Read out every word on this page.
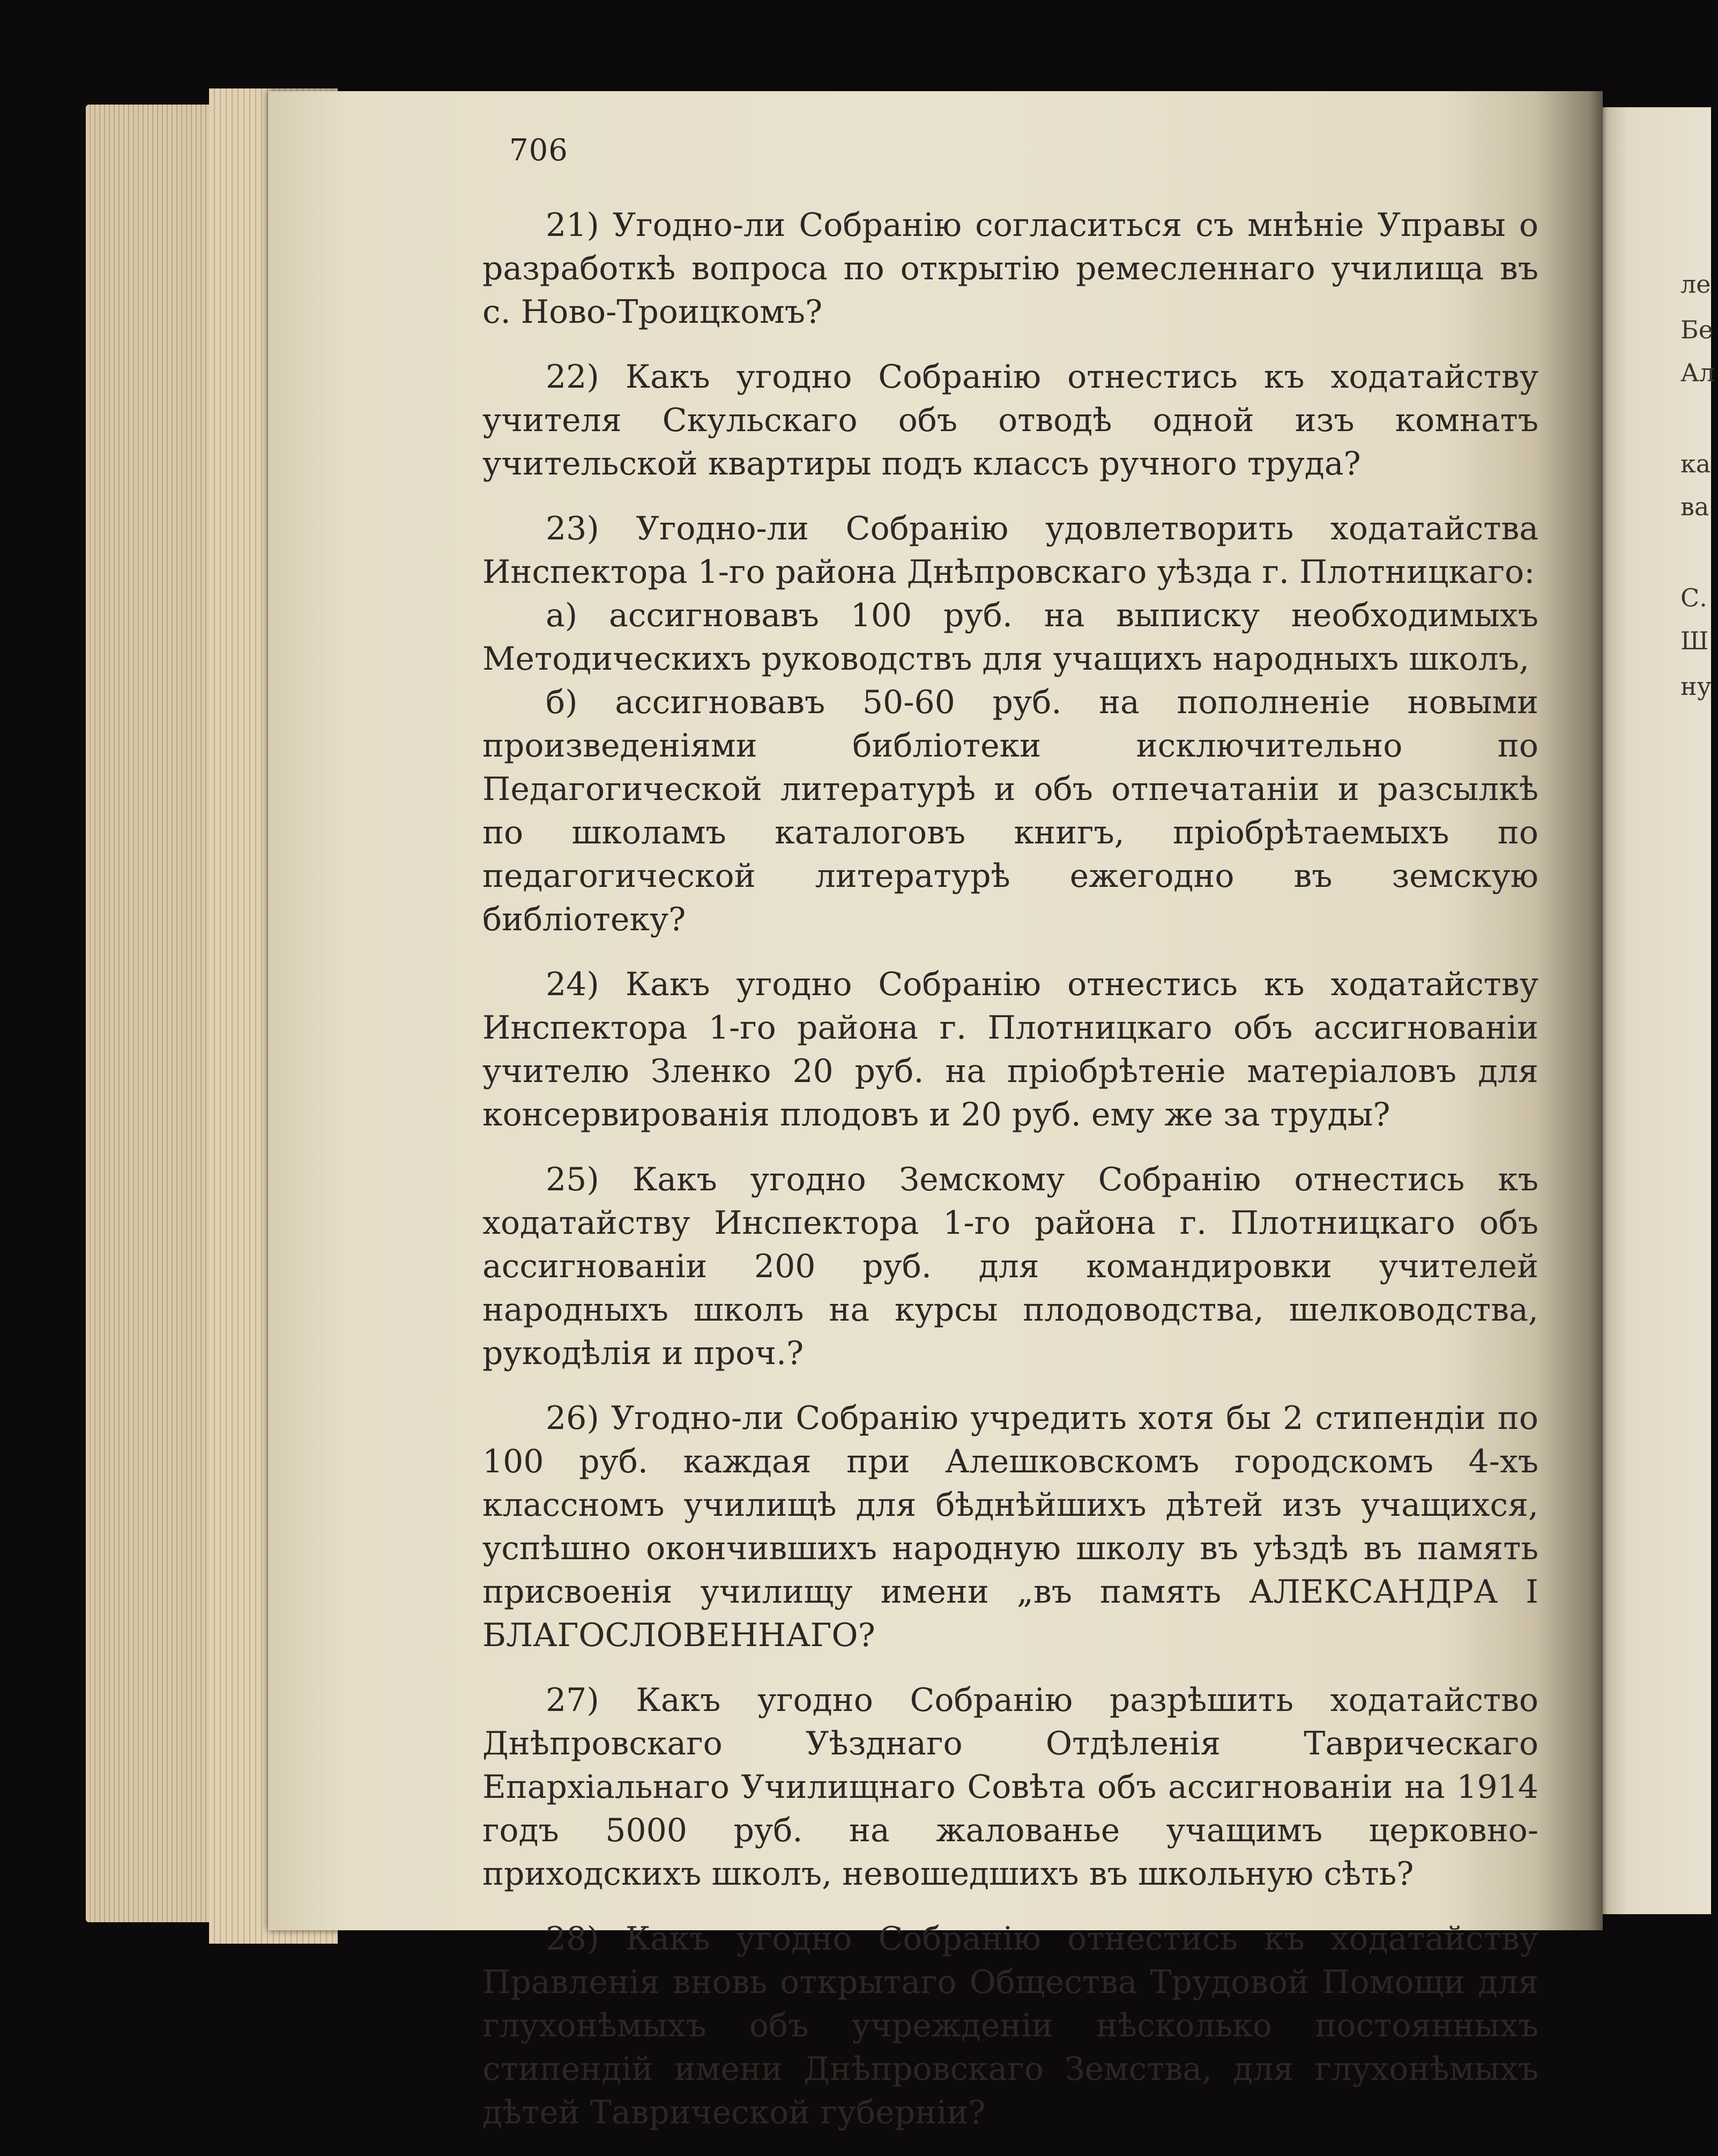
ле
Бе
Ал
ка
ва
С.
Ш
ну
706
21) Угодно-ли Собранію согласиться съ мнѣніе Управы о разработкѣ вопроса по открытію ремесленнаго училища въ с. Ново-Троицкомъ?
22) Какъ угодно Собранію отнестись къ ходатайству учителя Скульскаго объ отводѣ одной изъ комнатъ учительской квартиры подъ классъ ручного труда?

23) Угодно-ли Собранію удовлетворить ходатайства Инспектора 1-го района Днѣпровскаго уѣзда г. Плотницкаго:

а) ассигновавъ 100 руб. на выписку необходимыхъ Методическихъ руководствъ для учащихъ народныхъ школъ,

б) ассигновавъ 50-60 руб. на пополненіе новыми произведеніями библіотеки исключительно по Педагогической литературѣ и объ отпечатаніи и разсылкѣ по школамъ каталоговъ книгъ, пріобрѣтаемыхъ по педагогической литературѣ ежегодно въ земскую библіотеку?

24) Какъ угодно Собранію отнестись къ ходатайству Инспектора 1-го района г. Плотницкаго объ ассигнованіи учителю Зленко 20 руб. на пріобрѣтеніе матеріаловъ для консервированія плодовъ и 20 руб. ему же за труды?
25) Какъ угодно Земскому Собранію отнестись къ ходатайству Инспектора 1-го района г. Плотницкаго объ ассигнованіи 200 руб. для командировки учителей народныхъ школъ на курсы плодоводства, шелководства, рукодѣлія и проч.?
26) Угодно-ли Собранію учредить хотя бы 2 стипендіи по 100 руб. каждая при Алешковскомъ городскомъ 4-хъ классномъ училищѣ для бѣднѣйшихъ дѣтей изъ учащихся, успѣшно окончившихъ народную школу въ уѣздѣ въ память присвоенія училищу имени „въ память АЛЕКСАНДРА I БЛАГОСЛОВЕННАГО?
27) Какъ угодно Собранію разрѣшить ходатайство Днѣпровскаго Уѣзднаго Отдѣленія Таврическаго Епархіальнаго Училищнаго Совѣта объ ассигнованіи на 1914 годъ 5000 руб. на жалованье учащимъ церковно-приходскихъ школъ, невошедшихъ въ школьную сѣть?
28) Какъ угодно Собранію отнестись къ ходатайству Правленія вновь открытаго Общества Трудовой Помощи для глухонѣмыхъ объ учрежденіи нѣсколько постоянныхъ стипендій имени Днѣпровскаго Земства, для глухонѣмыхъ дѣтей Таврической губерніи?
